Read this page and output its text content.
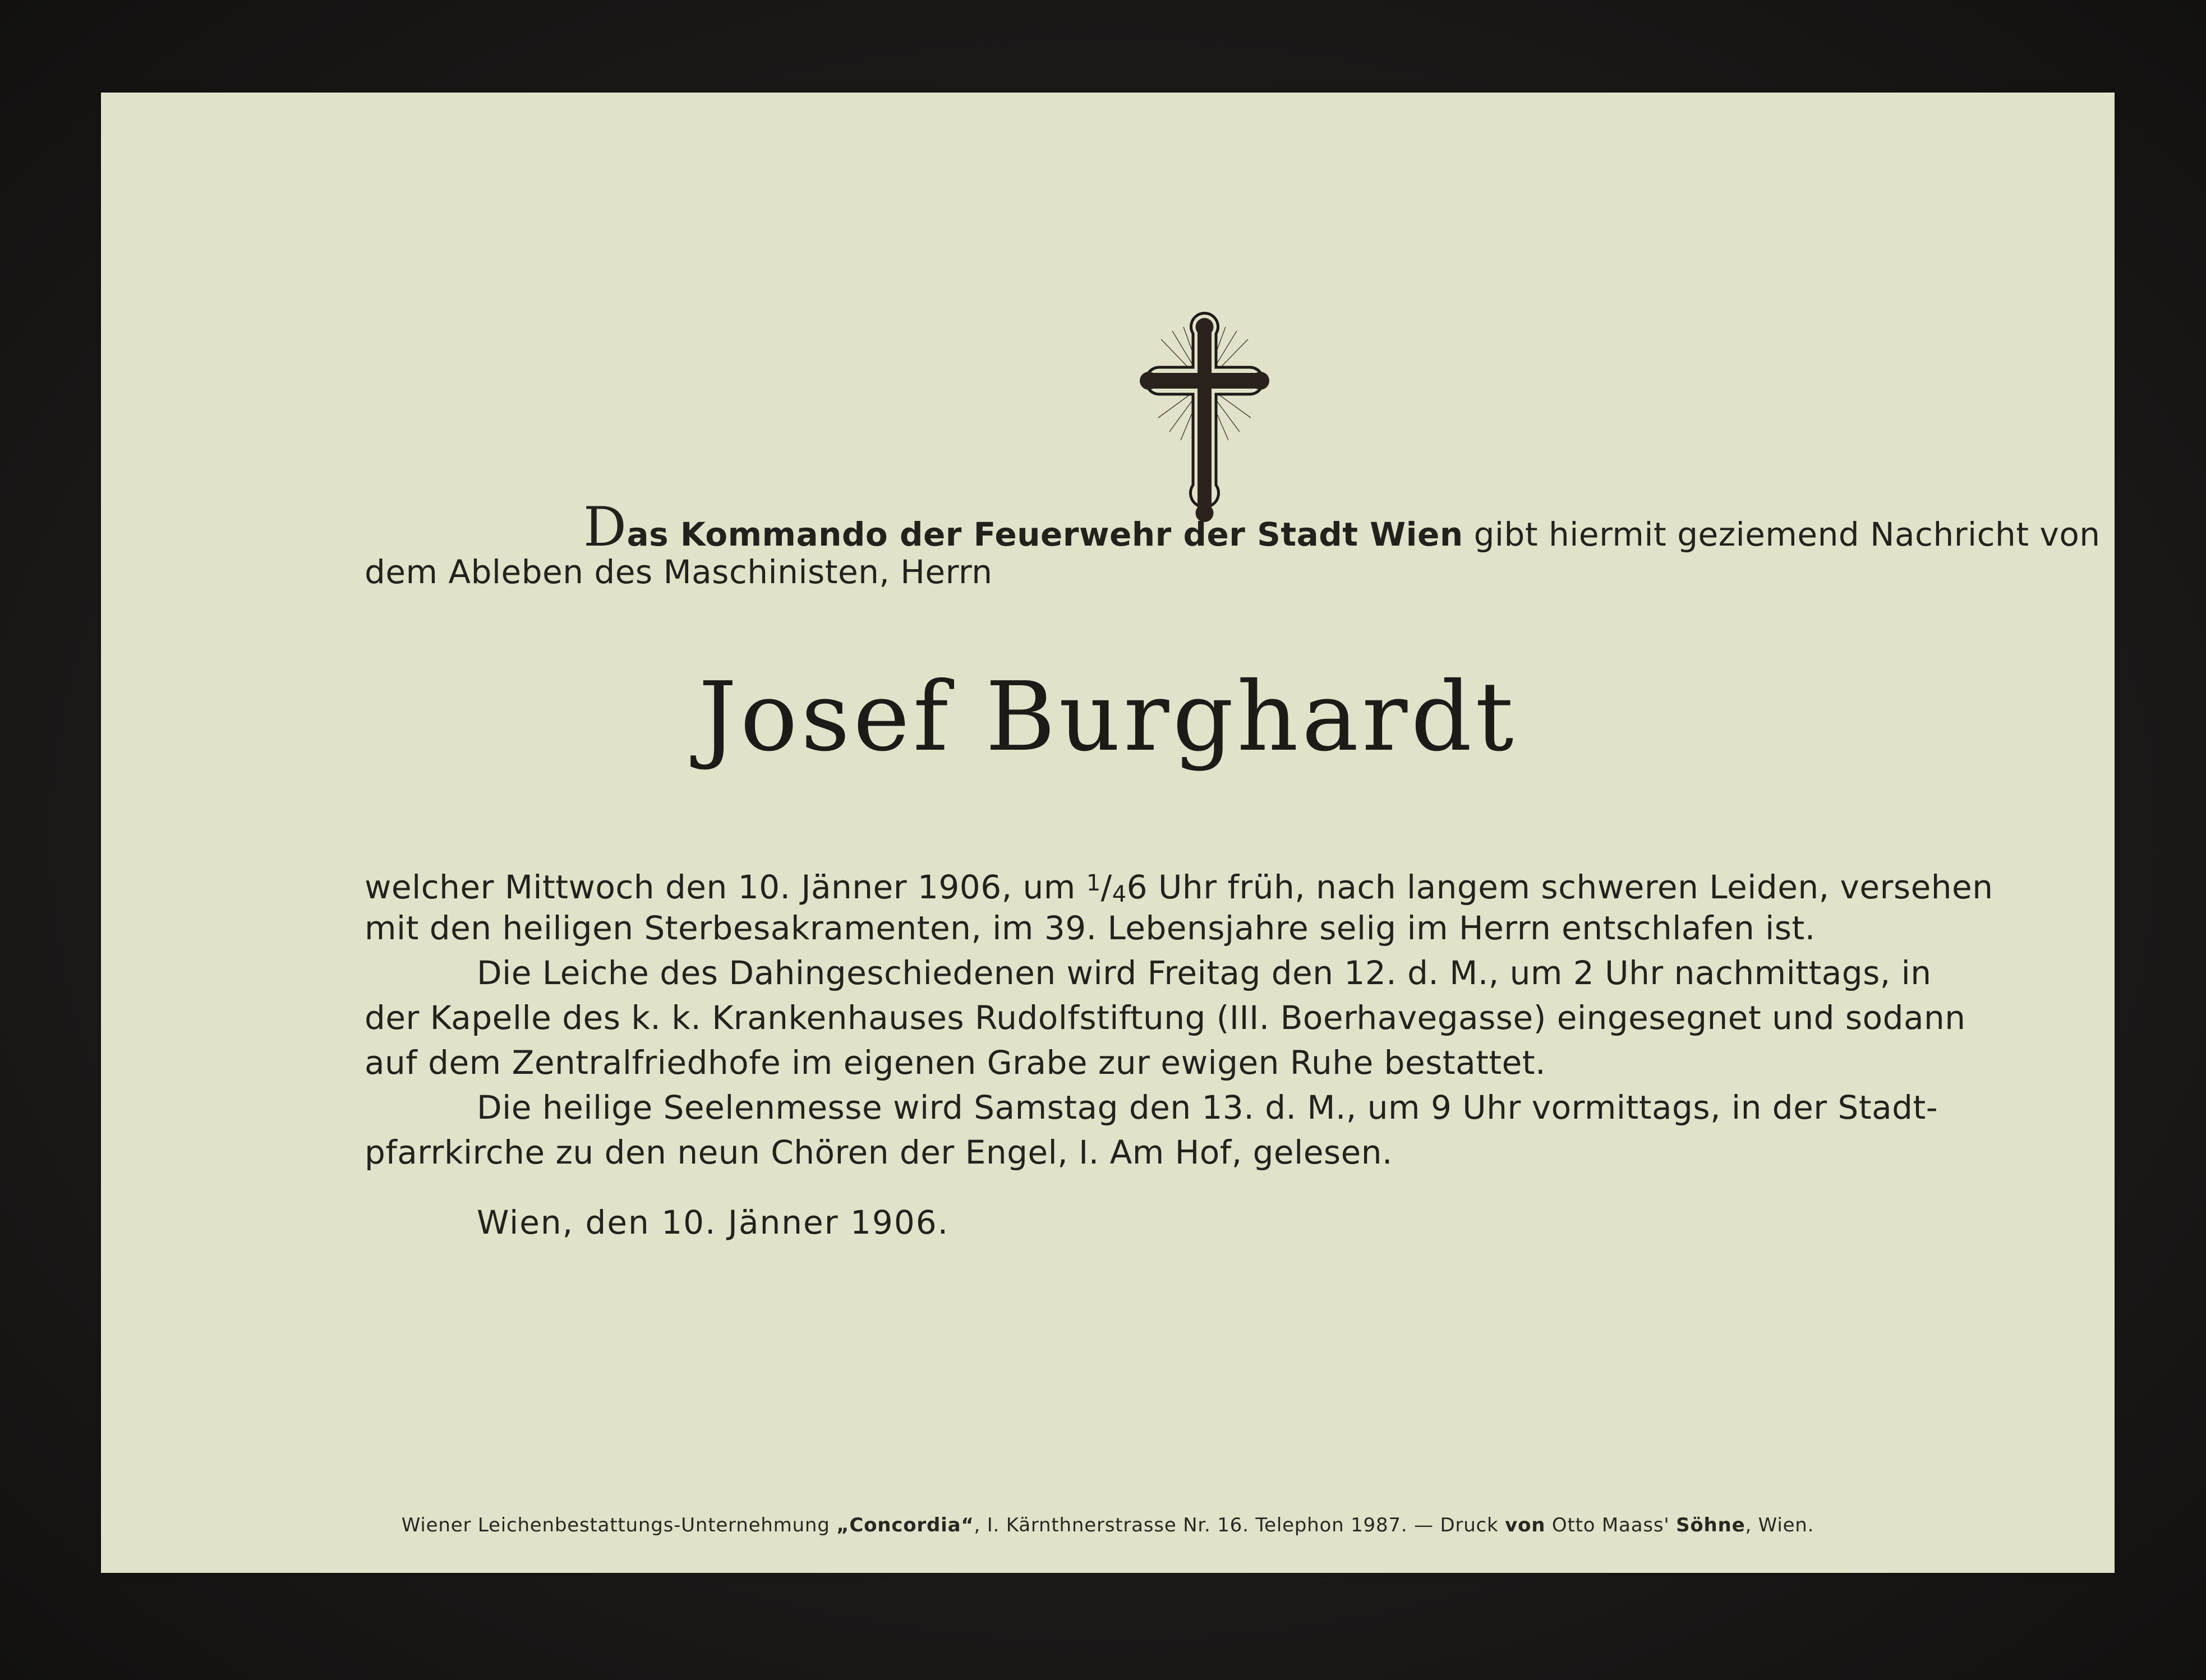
Das Kommando der Feuerwehr der Stadt Wien gibt hiermit geziemend Nachricht von
dem Ableben des Maschinisten, Herrn
Josef Burghardt
welcher Mittwoch den 10. Jänner 1906, um $^1$/46 Uhr früh, nach langem schweren Leiden, versehen
mit den heiligen Sterbesakramenten, im 39. Lebensjahre selig im Herrn entschlafen ist.
Die Leiche des Dahingeschiedenen wird Freitag den 12. d. M., um 2 Uhr nachmittags, in
der Kapelle des k. k. Krankenhauses Rudolfstiftung (III. Boerhavegasse) eingesegnet und sodann
auf dem Zentralfriedhofe im eigenen Grabe zur ewigen Ruhe bestattet.
Die heilige Seelenmesse wird Samstag den 13. d. M., um 9 Uhr vormittags, in der Stadt-
pfarrkirche zu den neun Chören der Engel, I. Am Hof, gelesen.
Wien, den 10. Jänner 1906.
Wiener Leichenbestattungs-Unternehmung „Concordia“, I. Kärnthnerstrasse Nr. 16. Telephon 1987. — Druck von Otto Maass' Söhne, Wien.
